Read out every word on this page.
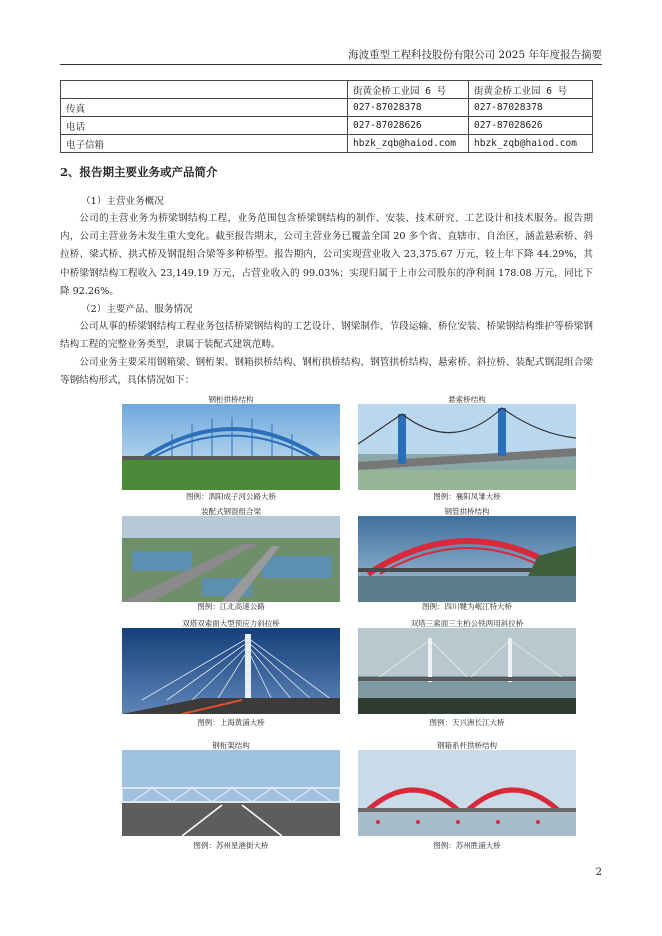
海波重型工程科技股份有限公司 2025 年年度报告摘要
	街黄金桥工业园 6 号	街黄金桥工业园 6 号
传真	027-87028378	027-87028378
电话	027-87028626	027-87028626
电子信箱	hbzk_zqb@haiod.com	hbzk_zqb@haiod.com
2、报告期主要业务或产品简介
（1）主营业务概况

公司的主营业务为桥梁钢结构工程，业务范围包含桥梁钢结构的制作、安装、技术研究、工艺设计和技术服务。报告期内，公司主营业务未发生重大变化。截至报告期末，公司主营业务已覆盖全国 20 多个省、直辖市、自治区，涵盖悬索桥、斜拉桥、梁式桥、拱式桥及钢混组合梁等多种桥型。报告期内，公司实现营业收入 23,375.67 万元，较上年下降 44.29%，其中桥梁钢结构工程收入 23,149.19 万元，占营业收入的 99.03%；实现归属于上市公司股东的净利润 178.08 万元，同比下降 92.26%。

（2）主要产品、服务情况

公司从事的桥梁钢结构工程业务包括桥梁钢结构的工艺设计、钢梁制作、节段运输、桥位安装、桥梁钢结构维护等桥梁钢结构工程的完整业务类型，隶属于装配式建筑范畴。

公司业务主要采用钢箱梁、钢桁架、钢箱拱桥结构、钢桁拱桥结构、钢管拱桥结构、悬索桥、斜拉桥、装配式钢混组合梁等钢结构形式，具体情况如下：

钢桁拱桥结构
图例：泗阳成子河公路大桥
悬索桥结构
图例：襄阳凤雏大桥
装配式钢混组合梁
图例：江北高速公路
钢管拱桥结构
图例：四川犍为岷江特大桥
双塔双索面大型预应力斜拉桥
图例：上海黄浦大桥
双塔三索面三主桁公铁两用斜拉桥
图例：天兴洲长江大桥
钢桁架结构
图例：苏州星港街大桥
钢箱系杆拱桥结构
图例：苏州胜浦大桥
2
